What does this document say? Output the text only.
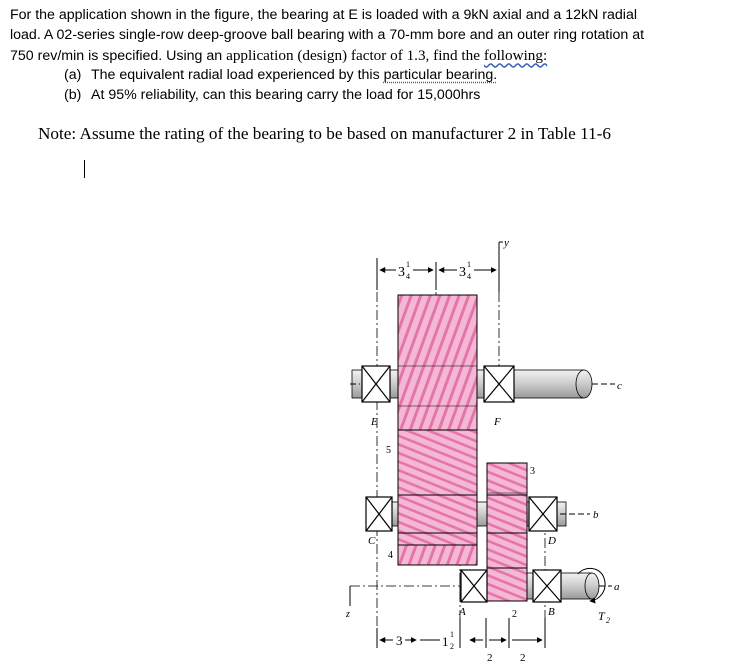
For the application shown in the figure, the bearing at E is loaded with a 9kN axial and a 12kN radial

load. A 02-series single-row deep-groove ball bearing with a 70-mm bore and an outer ring rotation at

750 rev/min is specified. Using an application (design) factor of 1.3, find the following:

(a) The equivalent radial load experienced by this particular bearing.

(b) At 95% reliability, can this bearing carry the load for 15,000hrs

Note: Assume the rating of the bearing to be based on manufacturer 2 in Table 11-6
3
1
4	3
1
4
y
c
E	F
b
C	D
a
A	B	T 2
5
4
3
2
z
3	1 1
2
2	2
